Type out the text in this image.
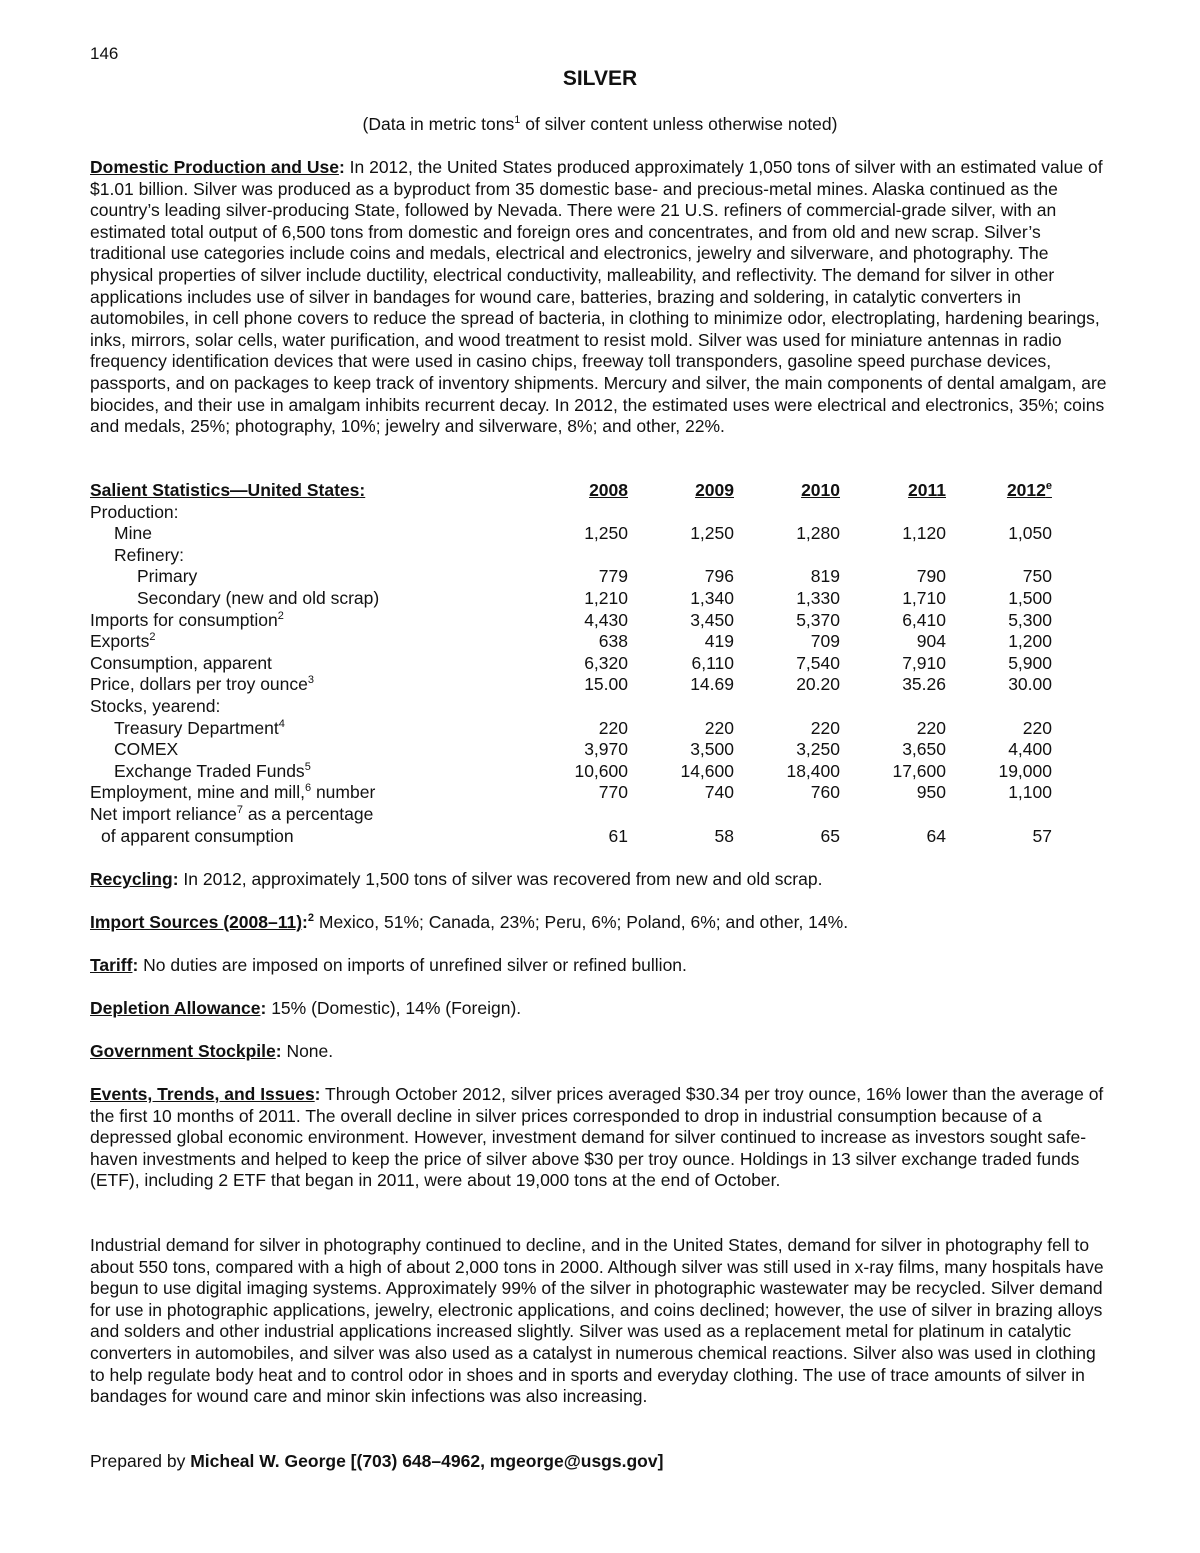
146
SILVER
(Data in metric tons$^1$ of silver content unless otherwise noted)
Domestic Production and Use: In 2012, the United States produced approximately 1,050 tons of silver with an estimated value of $1.01 billion. Silver was produced as a byproduct from 35 domestic base- and precious-metal mines. Alaska continued as the country’s leading silver-producing State, followed by Nevada. There were 21 U.S. refiners of commercial-grade silver, with an estimated total output of 6,500 tons from domestic and foreign ores and concentrates, and from old and new scrap. Silver’s traditional use categories include coins and medals, electrical and electronics, jewelry and silverware, and photography. The physical properties of silver include ductility, electrical conductivity, malleability, and reflectivity. The demand for silver in other applications includes use of silver in bandages for wound care, batteries, brazing and soldering, in catalytic converters in automobiles, in cell phone covers to reduce the spread of bacteria, in clothing to minimize odor, electroplating, hardening bearings, inks, mirrors, solar cells, water purification, and wood treatment to resist mold. Silver was used for miniature antennas in radio frequency identification devices that were used in casino chips, freeway toll transponders, gasoline speed purchase devices, passports, and on packages to keep track of inventory shipments. Mercury and silver, the main components of dental amalgam, are biocides, and their use in amalgam inhibits recurrent decay. In 2012, the estimated uses were electrical and electronics, 35%; coins and medals, 25%; photography, 10%; jewelry and silverware, 8%; and other, 22%.
Salient Statistics—United States:	2008	2009	2010	2011	2012e
Production:
Mine	1,250	1,250	1,280	1,120	1,050
Refinery:
Primary	779	796	819	790	750
Secondary (new and old scrap)	1,210	1,340	1,330	1,710	1,500
Imports for consumption$^2$	4,430	3,450	5,370	6,410	5,300
Exports$^2$	638	419	709	904	1,200
Consumption, apparent	6,320	6,110	7,540	7,910	5,900
Price, dollars per troy ounce$^3$	15.00	14.69	20.20	35.26	30.00
Stocks, yearend:
Treasury Department$^4$	220	220	220	220	220
COMEX	3,970	3,500	3,250	3,650	4,400
Exchange Traded Funds$^5$	10,600	14,600	18,400	17,600	19,000
Employment, mine and mill,$^6$ number	770	740	760	950	1,100
Net import reliance$^7$ as a percentage
of apparent consumption	61	58	65	64	57
Recycling: In 2012, approximately 1,500 tons of silver was recovered from new and old scrap.
Import Sources (2008–11):$^2$ Mexico, 51%; Canada, 23%; Peru, 6%; Poland, 6%; and other, 14%.
Tariff: No duties are imposed on imports of unrefined silver or refined bullion.
Depletion Allowance: 15% (Domestic), 14% (Foreign).
Government Stockpile: None.
Events, Trends, and Issues: Through October 2012, silver prices averaged $30.34 per troy ounce, 16% lower than the average of the first 10 months of 2011. The overall decline in silver prices corresponded to drop in industrial consumption because of a depressed global economic environment. However, investment demand for silver continued to increase as investors sought safe-haven investments and helped to keep the price of silver above $30 per troy ounce. Holdings in 13 silver exchange traded funds (ETF), including 2 ETF that began in 2011, were about 19,000 tons at the end of October.
Industrial demand for silver in photography continued to decline, and in the United States, demand for silver in photography fell to about 550 tons, compared with a high of about 2,000 tons in 2000. Although silver was still used in x-ray films, many hospitals have begun to use digital imaging systems. Approximately 99% of the silver in photographic wastewater may be recycled. Silver demand for use in photographic applications, jewelry, electronic applications, and coins declined; however, the use of silver in brazing alloys and solders and other industrial applications increased slightly. Silver was used as a replacement metal for platinum in catalytic converters in automobiles, and silver was also used as a catalyst in numerous chemical reactions. Silver also was used in clothing to help regulate body heat and to control odor in shoes and in sports and everyday clothing. The use of trace amounts of silver in bandages for wound care and minor skin infections was also increasing.
Prepared by Micheal W. George [(703) 648–4962, mgeorge@usgs.gov]
